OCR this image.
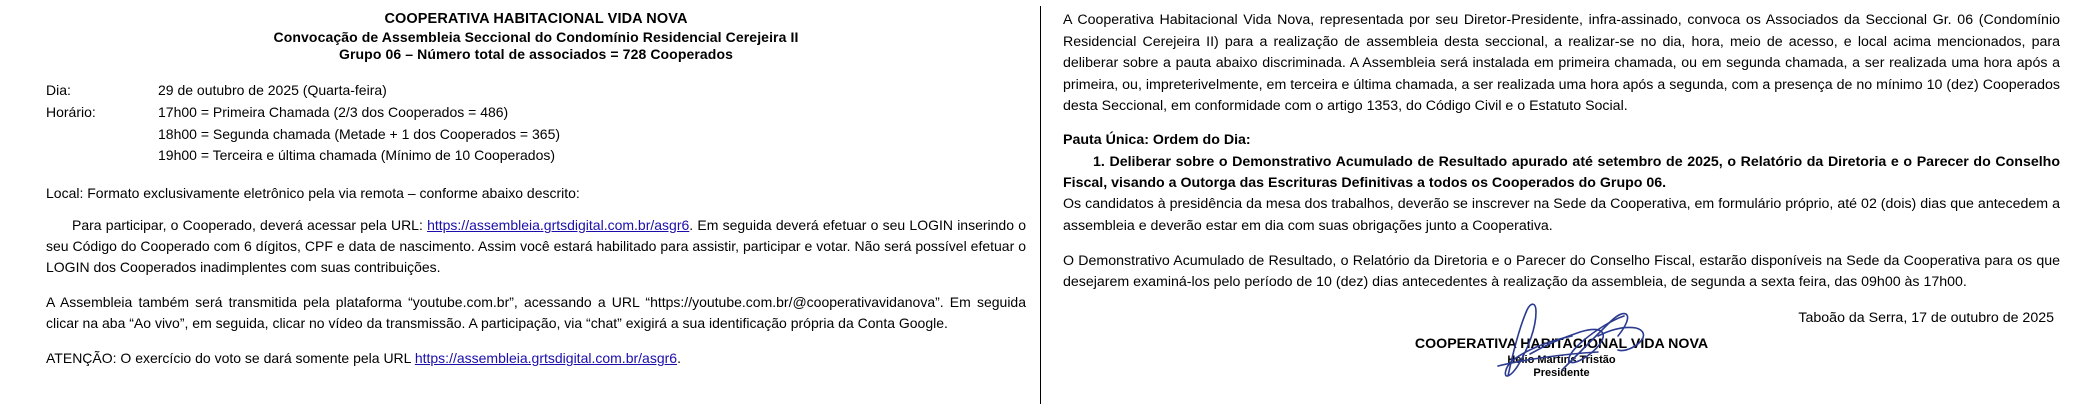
COOPERATIVA HABITACIONAL VIDA NOVA
Convocação de Assembleia Seccional do Condomínio Residencial Cerejeira II
Grupo 06 – Número total de associados = 728 Cooperados
Dia:	29 de outubro de 2025 (Quarta-feira)
Horário:	17h00 = Primeira Chamada (2/3 dos Cooperados = 486)
18h00 = Segunda chamada (Metade + 1 dos Cooperados = 365)
19h00 = Terceira e última chamada (Mínimo de 10 Cooperados)
Local: Formato exclusivamente eletrônico pela via remota – conforme abaixo descrito:
Para participar, o Cooperado, deverá acessar pela URL: https://assembleia.grtsdigital.com.br/asgr6. Em seguida deverá efetuar o seu LOGIN inserindo o seu Código do Cooperado com 6 dígitos, CPF e data de nascimento. Assim você estará habilitado para assistir, participar e votar. Não será possível efetuar o LOGIN dos Cooperados inadimplentes com suas contribuições.
A Assembleia também será transmitida pela plataforma “youtube.com.br”, acessando a URL “https://youtube.com.br/@cooperativavidanova”. Em seguida clicar na aba “Ao vivo”, em seguida, clicar no vídeo da transmissão. A participação, via “chat” exigirá a sua identificação própria da Conta Google.
ATENÇÃO: O exercício do voto se dará somente pela URL https://assembleia.grtsdigital.com.br/asgr6.
A Cooperativa Habitacional Vida Nova, representada por seu Diretor-Presidente, infra-assinado, convoca os Associados da Seccional Gr. 06 (Condomínio Residencial Cerejeira II) para a realização de assembleia desta seccional, a realizar-se no dia, hora, meio de acesso, e local acima mencionados, para deliberar sobre a pauta abaixo discriminada. A Assembleia será instalada em primeira chamada, ou em segunda chamada, a ser realizada uma hora após a primeira, ou, impreterivelmente, em terceira e última chamada, a ser realizada uma hora após a segunda, com a presença de no mínimo 10 (dez) Cooperados desta Seccional, em conformidade com o artigo 1353, do Código Civil e o Estatuto Social.
Pauta Única: Ordem do Dia:
1. Deliberar sobre o Demonstrativo Acumulado de Resultado apurado até setembro de 2025, o Relatório da Diretoria e o Parecer do Conselho Fiscal, visando a Outorga das Escrituras Definitivas a todos os Cooperados do Grupo 06.
Os candidatos à presidência da mesa dos trabalhos, deverão se inscrever na Sede da Cooperativa, em formulário próprio, até 02 (dois) dias que antecedem a assembleia e deverão estar em dia com suas obrigações junto a Cooperativa.
O Demonstrativo Acumulado de Resultado, o Relatório da Diretoria e o Parecer do Conselho Fiscal, estarão disponíveis na Sede da Cooperativa para os que desejarem examiná-los pelo período de 10 (dez) dias antecedentes à realização da assembleia, de segunda a sexta feira, das 09h00 às 17h00.
Taboão da Serra, 17 de outubro de 2025
COOPERATIVA HABITACIONAL VIDA NOVA
Hélio Martins Tristão
Presidente
